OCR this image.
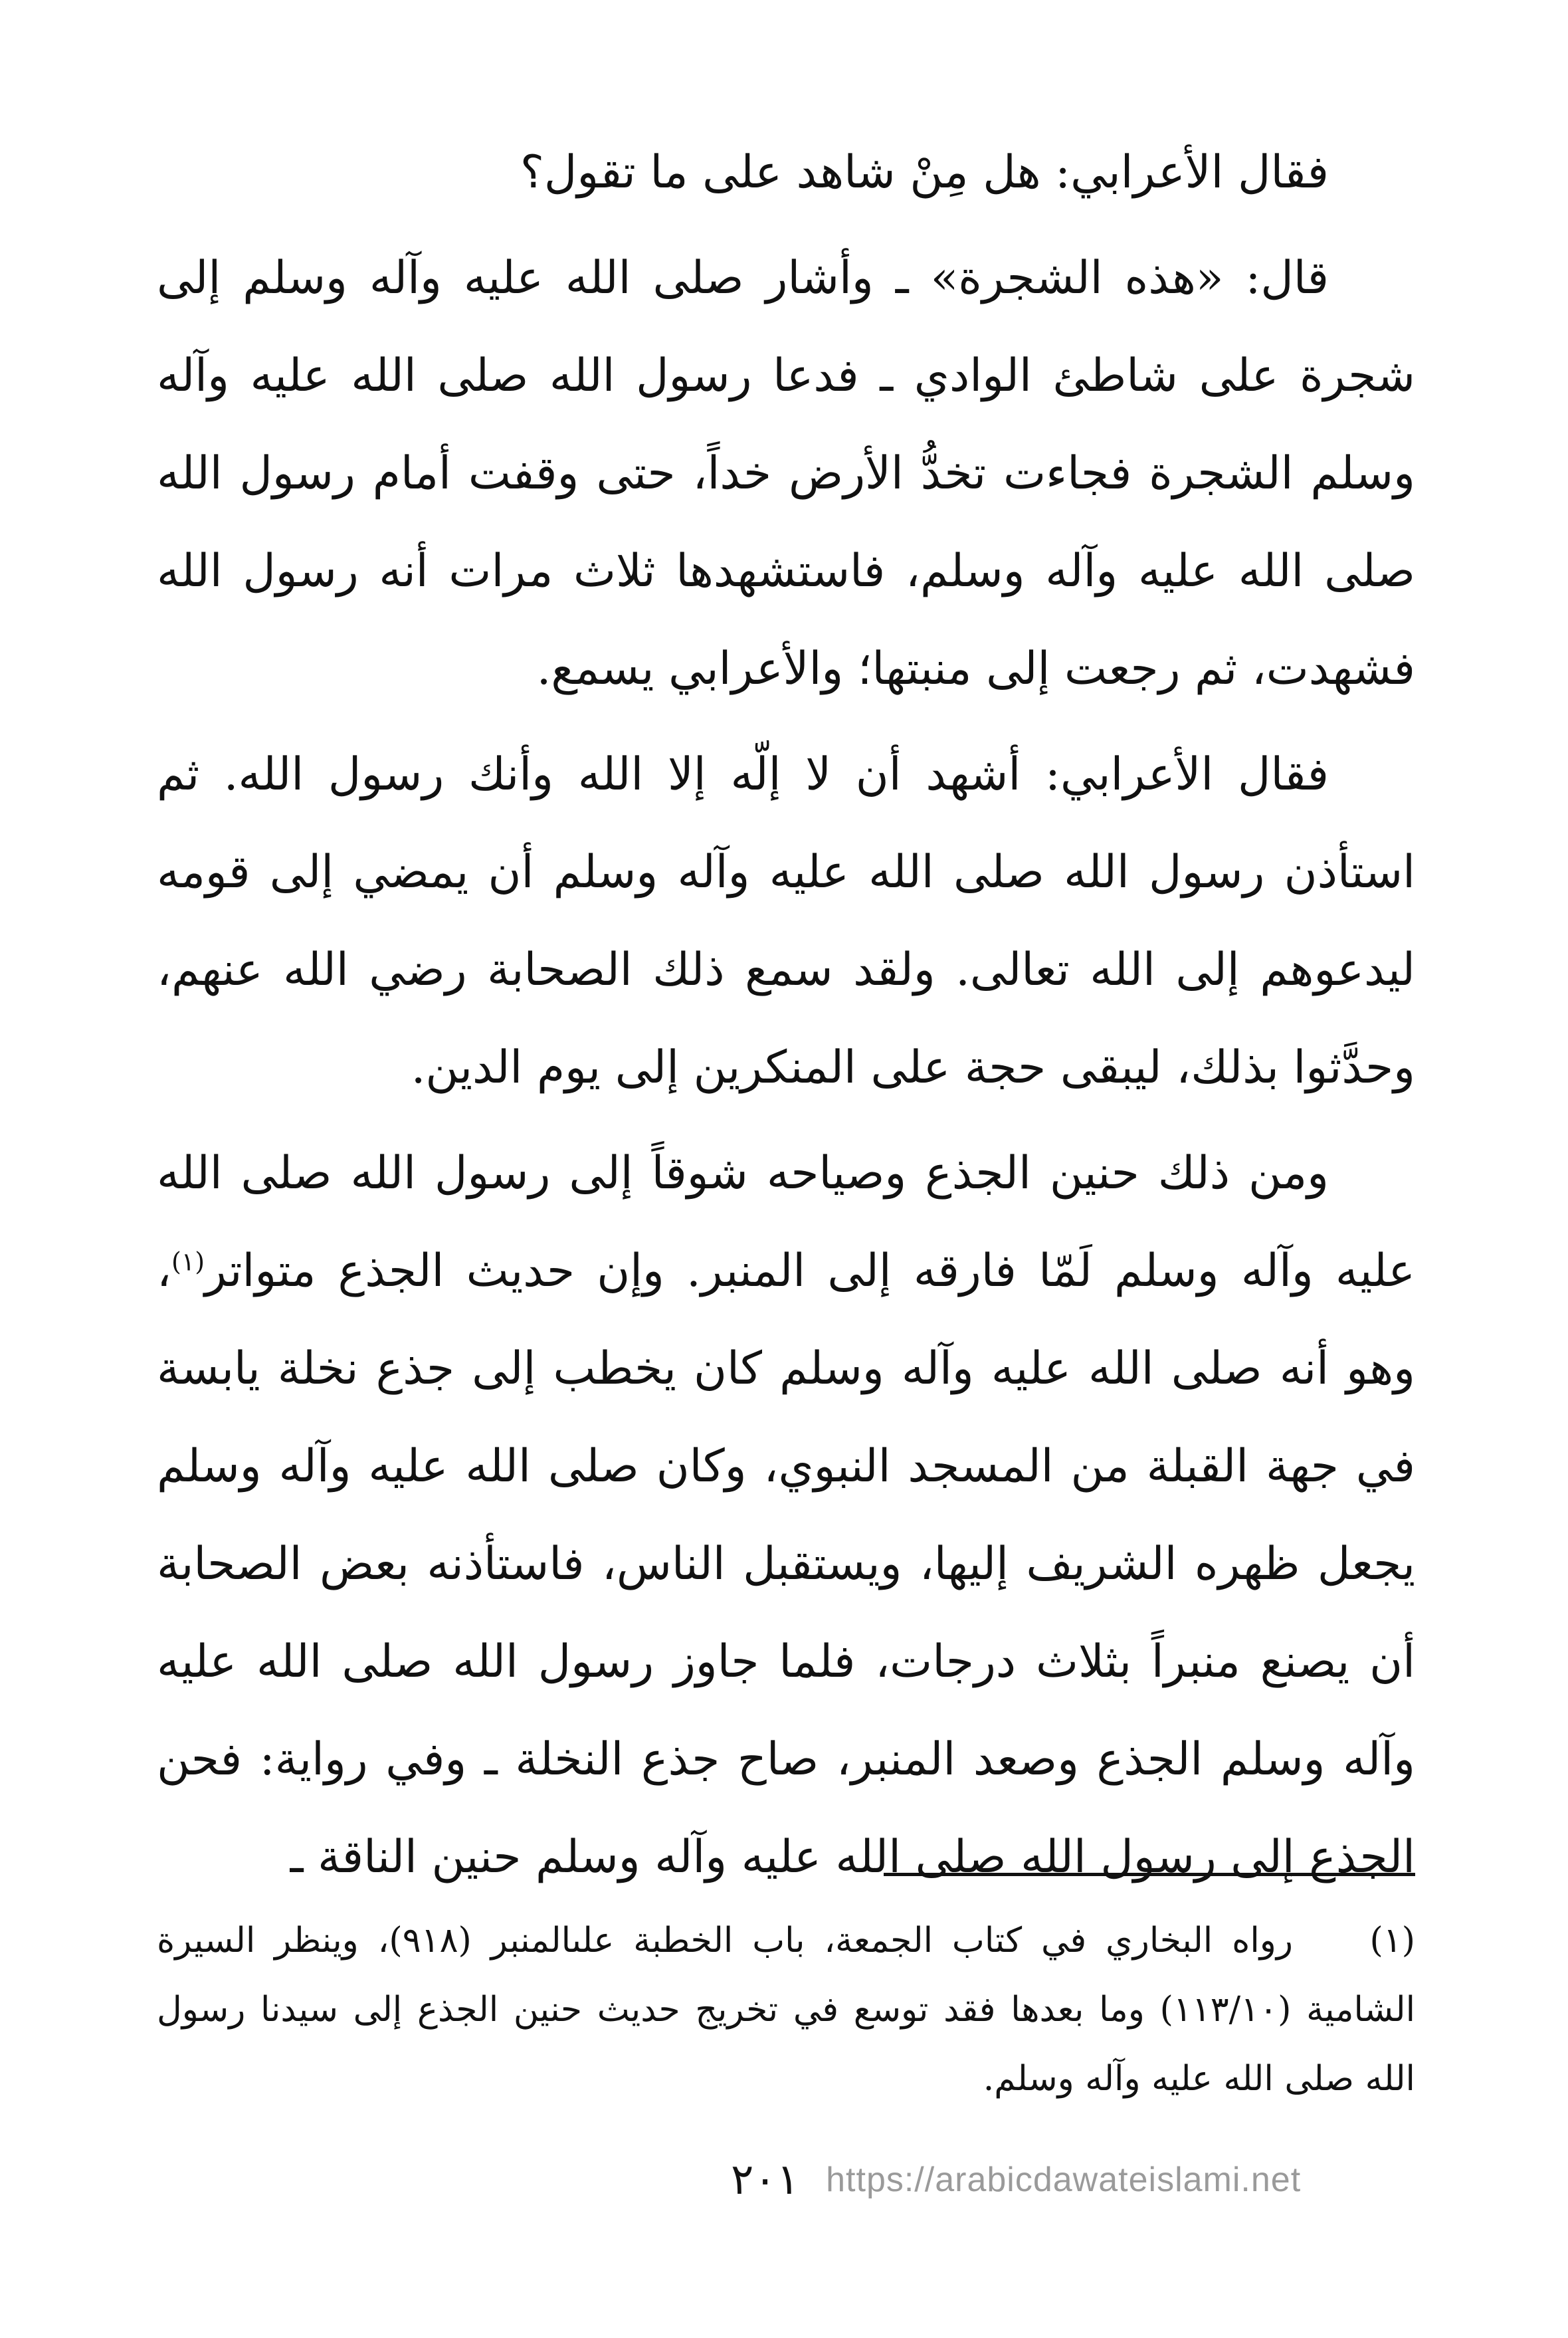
فقال الأعرابي: هل مِنْ شاهد على ما تقول؟

قال: «هذه الشجرة» ـ وأشار صلى الله عليه وآله وسلم إلى شجرة على شاطئ الوادي ـ فدعا رسول الله صلى الله عليه وآله وسلم الشجرة فجاءت تخدُّ الأرض خداً، حتى وقفت أمام رسول الله صلى الله عليه وآله وسلم، فاستشهدها ثلاث مرات أنه رسول الله فشهدت، ثم رجعت إلى منبتها؛ والأعرابي يسمع.

فقال الأعرابي: أشهد أن لا إلّه إلا الله وأنك رسول الله. ثم استأذن رسول الله صلى الله عليه وآله وسلم أن يمضي إلى قومه ليدعوهم إلى الله تعالى. ولقد سمع ذلك الصحابة رضي الله عنهم، وحدَّثوا بذلك، ليبقى حجة على المنكرين إلى يوم الدين.

ومن ذلك حنين الجذع وصياحه شوقاً إلى رسول الله صلى الله عليه وآله وسلم لَمّا فارقه إلى المنبر. وإن حديث الجذع متواتر$^{(١)}$، وهو أنه صلى الله عليه وآله وسلم كان يخطب إلى جذع نخلة يابسة في جهة القبلة من المسجد النبوي، وكان صلى الله عليه وآله وسلم يجعل ظهره الشريف إليها، ويستقبل الناس، فاستأذنه بعض الصحابة أن يصنع منبراً بثلاث درجات، فلما جاوز رسول الله صلى الله عليه وآله وسلم الجذع وصعد المنبر، صاح جذع النخلة ـ وفي رواية: فحن الجذع إلى رسول الله صلى الله عليه وآله وسلم حنين الناقة ـ

(١)    رواه البخاري في كتاب الجمعة، باب الخطبة علىالمنبر (٩١٨)، وينظر السيرة الشامية (١١٣/١٠) وما بعدها فقد توسع في تخريج حديث حنين الجذع إلى سيدنا رسول الله صلى الله عليه وآله وسلم.
٢٠١ https://arabicdawateislami.net
